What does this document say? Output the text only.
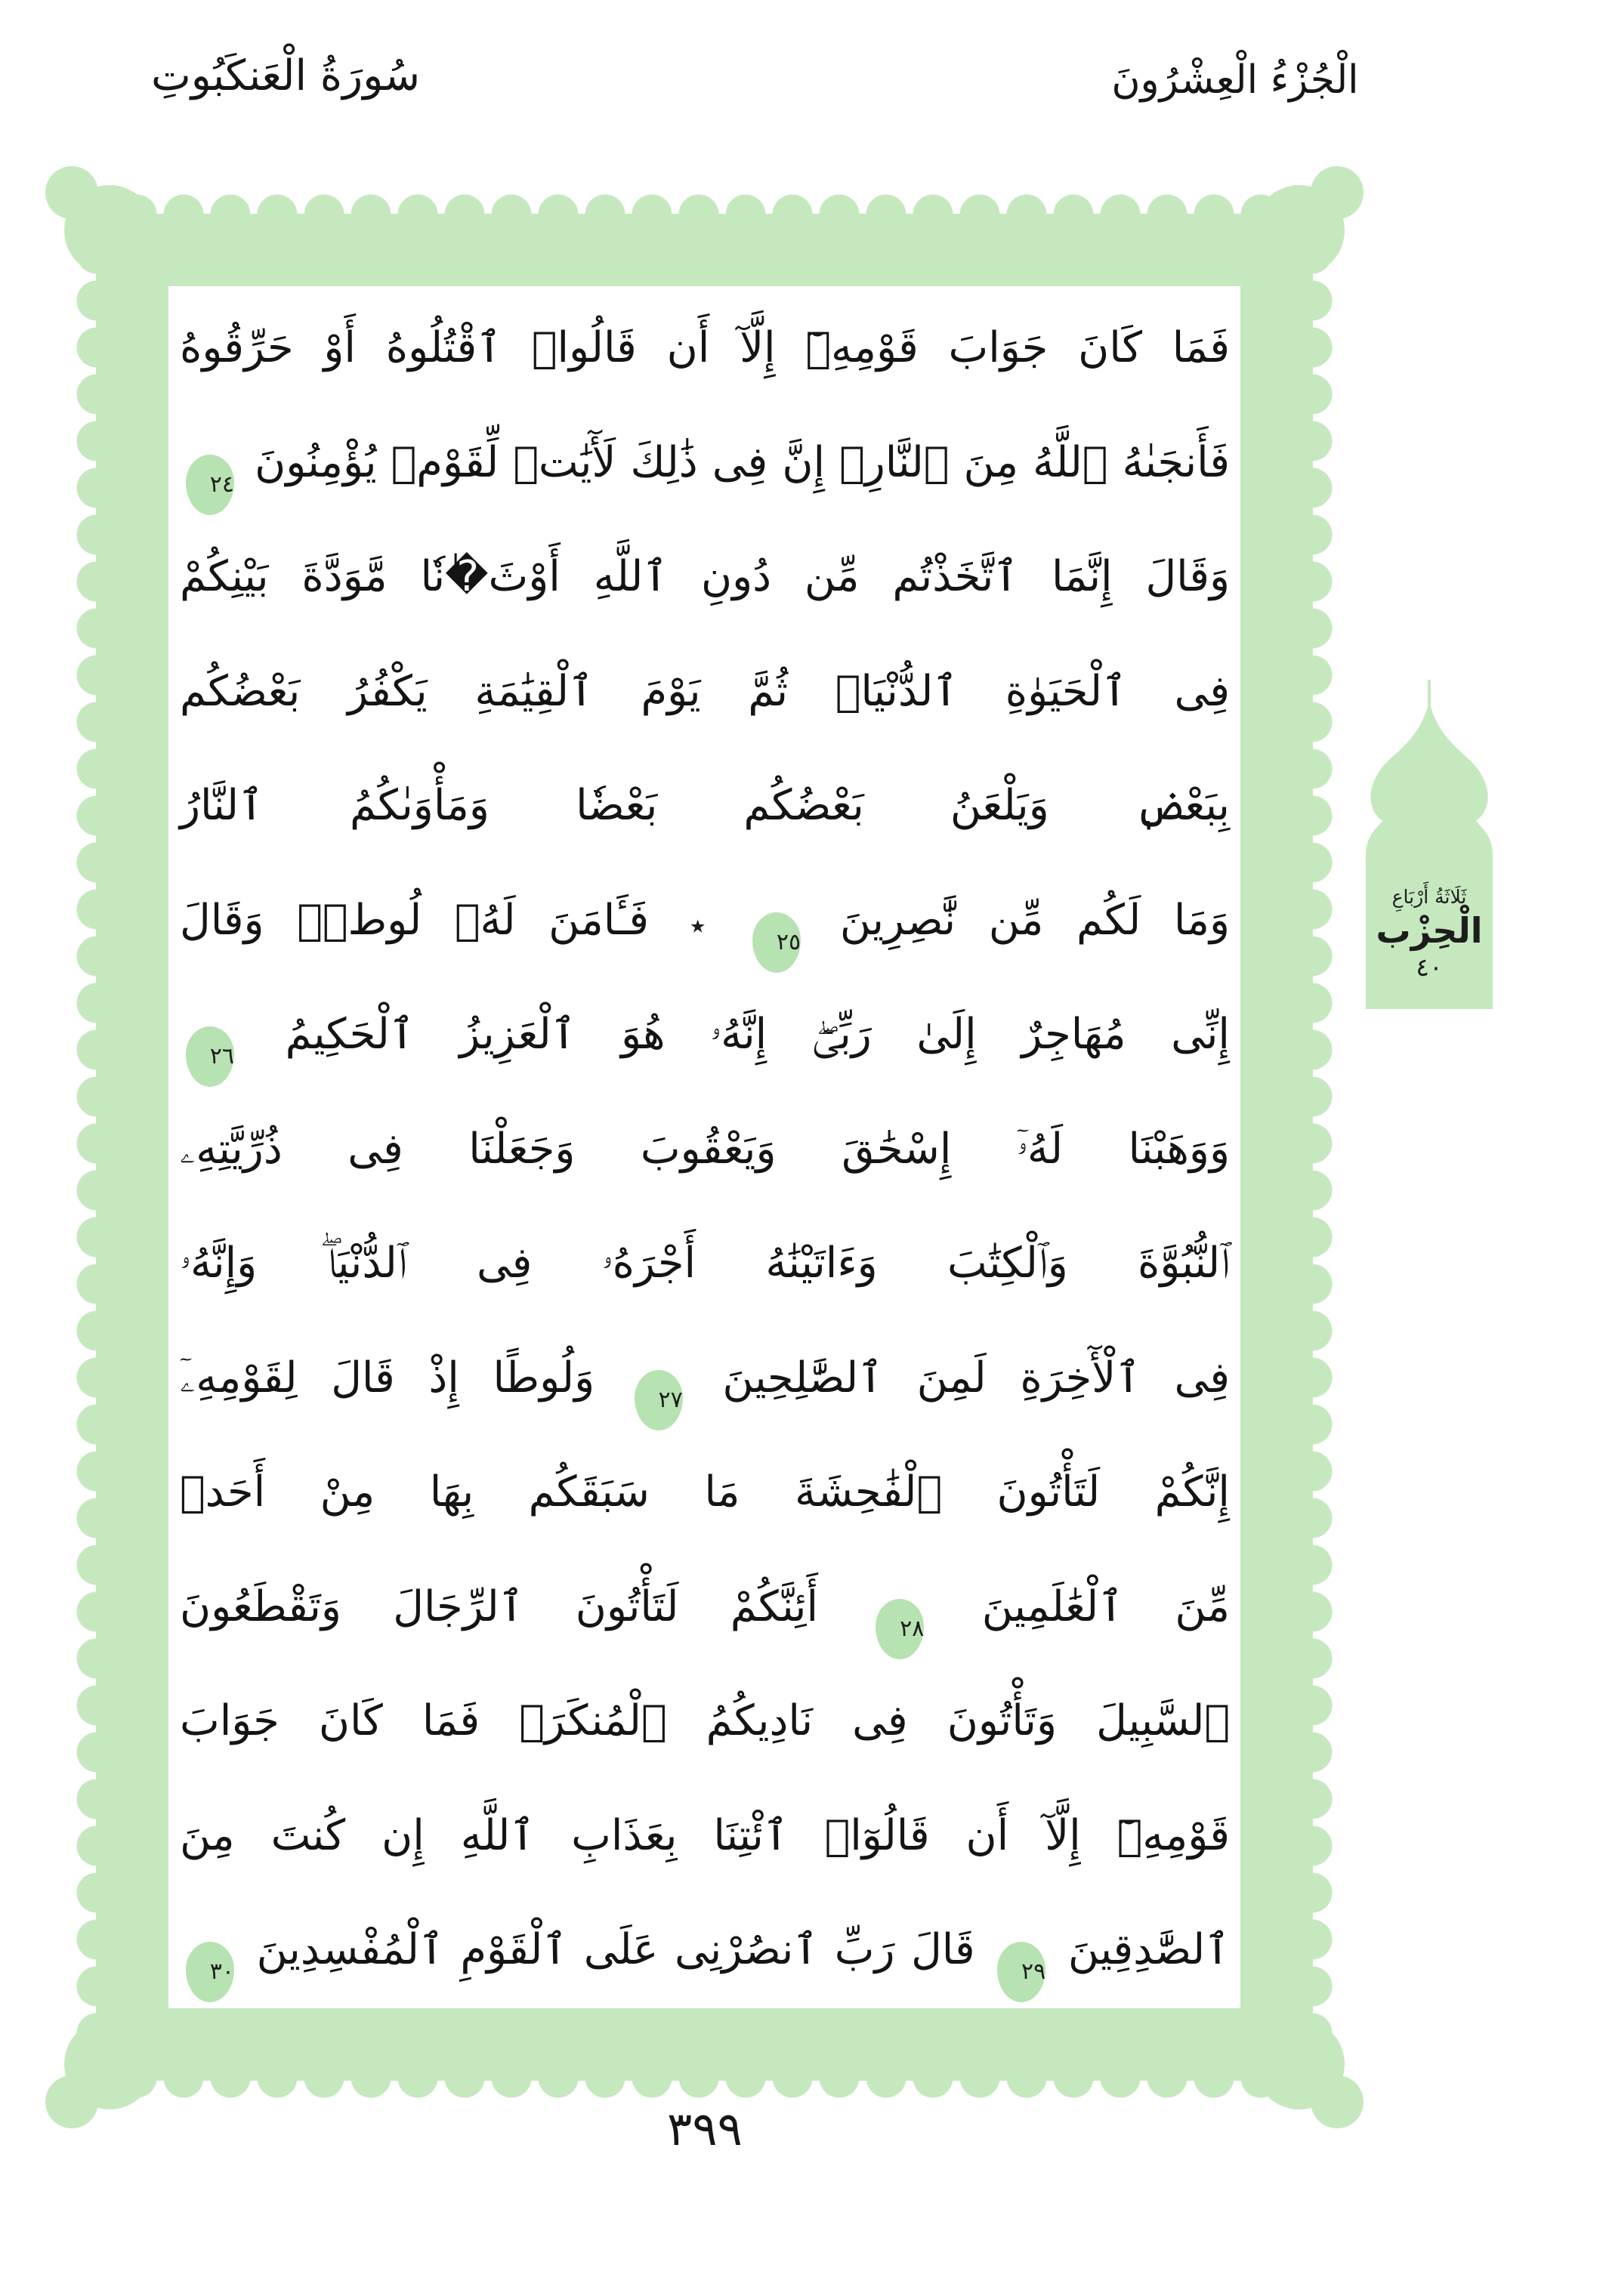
سُورَةُ الْعَنكَبُوتِ	الْجُزْءُ الْعِشْرُونَ
فَمَا كَانَ جَوَابَ قَوْمِهِۦٓ إِلَّآ أَن قَالُوا۟ ٱقْتُلُوهُ أَوْ حَرِّقُوهُ
فَأَنجَىٰهُ ٱللَّهُ مِنَ ٱلنَّارِۚ إِنَّ فِى ذَٰلِكَ لَأٓيَٰتٖ لِّقَوْمٖ يُؤْمِنُونَ ٢٤
وَقَالَ إِنَّمَا ٱتَّخَذْتُم مِّن دُونِ ٱللَّهِ أَوْثَ�ٰنٗا مَّوَدَّةَ بَيْنِكُمْ
فِى ٱلْحَيَوٰةِ ٱلدُّنْيَاۖ ثُمَّ يَوْمَ ٱلْقِيَٰمَةِ يَكْفُرُ بَعْضُكُم
بِبَعْضٖ وَيَلْعَنُ بَعْضُكُم بَعْضٗا وَمَأْوَىٰكُمُ ٱلنَّارُ
وَمَا لَكُم مِّن نَّٰصِرِينَ ٢٥ ٭ فَـَٔامَنَ لَهُۥ لُوطٞۘ وَقَالَ
إِنِّى مُهَاجِرٌ إِلَىٰ رَبِّىٓۖ إِنَّهُۥ هُوَ ٱلْعَزِيزُ ٱلْحَكِيمُ ٢٦
وَوَهَبْنَا لَهُۥٓ إِسْحَٰقَ وَيَعْقُوبَ وَجَعَلْنَا فِى ذُرِّيَّتِهِۦ
ٱلنُّبُوَّةَ وَٱلْكِتَٰبَ وَءَاتَيْنَٰهُ أَجْرَهُۥ فِى ٱلدُّنْيَاۖ وَإِنَّهُۥ
فِى ٱلْأٓخِرَةِ لَمِنَ ٱلصَّٰلِحِينَ ٢٧ وَلُوطًا إِذْ قَالَ لِقَوْمِهِۦٓ
إِنَّكُمْ لَتَأْتُونَ ٱلْفَٰحِشَةَ مَا سَبَقَكُم بِهَا مِنْ أَحَدٖ
مِّنَ ٱلْعَٰلَمِينَ ٢٨ أَئِنَّكُمْ لَتَأْتُونَ ٱلرِّجَالَ وَتَقْطَعُونَ
ٱلسَّبِيلَ وَتَأْتُونَ فِى نَادِيكُمُ ٱلْمُنكَرَۖ فَمَا كَانَ جَوَابَ
قَوْمِهِۦٓ إِلَّآ أَن قَالُوٓا۟ ٱئْتِنَا بِعَذَابِ ٱللَّهِ إِن كُنتَ مِنَ
ٱلصَّٰدِقِينَ ٢٩ قَالَ رَبِّ ٱنصُرْنِى عَلَى ٱلْقَوْمِ ٱلْمُفْسِدِينَ ٣٠
ثَلَاثَةُ أَرْبَاعِ
الْحِزْب
٤٠
٣٩٩
